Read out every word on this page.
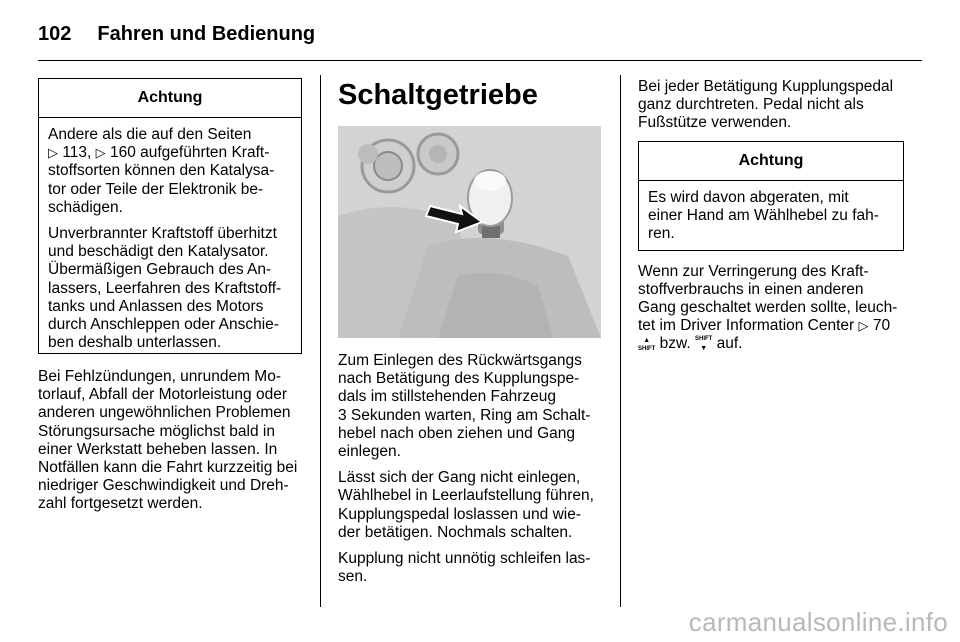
102 Fahren und Bedienung
Achtung

Andere als die auf den Seiten
▷ 113, ▷ 160 aufgeführten Kraft-
stoffsorten können den Katalysa-
tor oder Teile der Elektronik be-
schädigen.

Unverbrannter Kraftstoff überhitzt
und beschädigt den Katalysator.
Übermäßigen Gebrauch des An-
lassers, Leerfahren des Kraftstoff-
tanks und Anlassen des Motors
durch Anschleppen oder Anschie-
ben deshalb unterlassen.

Bei Fehlzündungen, unrundem Mo-
torlauf, Abfall der Motorleistung oder
anderen ungewöhnlichen Problemen
Störungsursache möglichst bald in
einer Werkstatt beheben lassen. In
Notfällen kann die Fahrt kurzzeitig bei
niedriger Geschwindigkeit und Dreh-
zahl fortgesetzt werden.

Schaltgetriebe

Zum Einlegen des Rückwärtsgangs
nach Betätigung des Kupplungspe-
dals im stillstehenden Fahrzeug
3 Sekunden warten, Ring am Schalt-
hebel nach oben ziehen und Gang
einlegen.

Lässt sich der Gang nicht einlegen,
Wählhebel in Leerlaufstellung führen,
Kupplungspedal loslassen und wie-
der betätigen. Nochmals schalten.

Kupplung nicht unnötig schleifen las-
sen.

Bei jeder Betätigung Kupplungspedal
ganz durchtreten. Pedal nicht als
Fußstütze verwenden.

Achtung
Es wird davon abgeraten, mit
einer Hand am Wählhebel zu fah-
ren.

Wenn zur Verringerung des Kraft-
stoffverbrauchs in einen anderen
Gang geschaltet werden sollte, leuch-
tet im Driver Information Center ▷ 70

▲
SHIFT bzw. SHIFT
▼ auf.

carmanualsonline.info
